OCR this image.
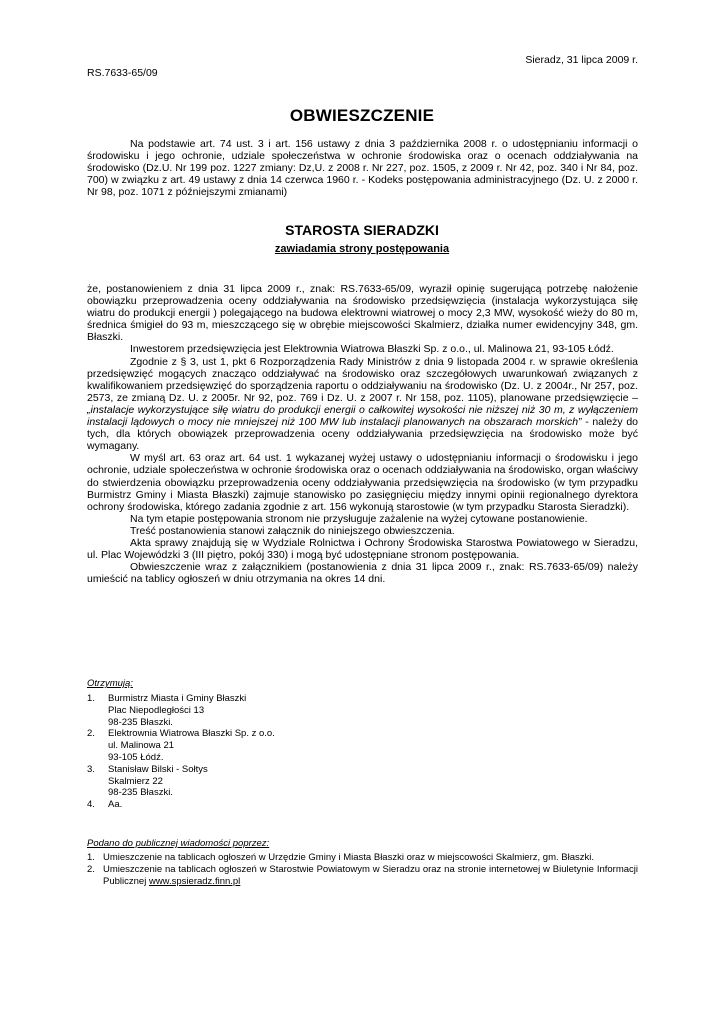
Sieradz, 31 lipca 2009 r.
RS.7633-65/09
OBWIESZCZENIE

Na podstawie art. 74 ust. 3 i art. 156 ustawy z dnia 3 października 2008 r. o udostępnianiu informacji o środowisku i jego ochronie, udziale społeczeństwa w ochronie środowiska oraz o ocenach oddziaływania na środowisko (Dz.U. Nr 199 poz. 1227 zmiany: Dz,U. z 2008 r. Nr 227, poz. 1505, z 2009 r. Nr 42, poz. 340 i Nr 84, poz. 700) w związku z art. 49 ustawy z dnia 14 czerwca 1960 r. - Kodeks postępowania administracyjnego (Dz. U. z 2000 r. Nr 98, poz. 1071 z późniejszymi zmianami)

STAROSTA SIERADZKI
zawiadamia strony postępowania

że, postanowieniem z dnia 31 lipca 2009 r., znak: RS.7633-65/09, wyraził opinię sugerującą potrzebę nałożenie obowiązku przeprowadzenia oceny oddziaływania na środowisko przedsięwzięcia (instalacja wykorzystująca siłę wiatru do produkcji energii ) polegającego na budowa elektrowni wiatrowej o mocy 2,3 MW, wysokość wieży do 80 m, średnica śmigieł do 93 m, mieszczącego się w obrębie miejscowości Skalmierz, działka numer ewidencyjny 348, gm. Błaszki.

Inwestorem przedsięwzięcia jest Elektrownia Wiatrowa Błaszki Sp. z o.o., ul. Malinowa 21, 93-105 Łódź.

Zgodnie z § 3, ust 1, pkt 6 Rozporządzenia Rady Ministrów z dnia 9 listopada 2004 r. w sprawie określenia przedsięwzięć mogących znacząco oddziaływać na środowisko oraz szczegółowych uwarunkowań związanych z kwalifikowaniem przedsięwzięć do sporządzenia raportu o oddziaływaniu na środowisko (Dz. U. z 2004r., Nr 257, poz. 2573, ze zmianą Dz. U. z 2005r. Nr 92, poz. 769 i Dz. U. z 2007 r. Nr 158, poz. 1105), planowane przedsięwzięcie – „instalacje wykorzystujące siłę wiatru do produkcji energii o całkowitej wysokości nie niższej niż 30 m, z wyłączeniem instalacji lądowych o mocy nie mniejszej niż 100 MW lub instalacji planowanych na obszarach morskich” - należy do tych, dla których obowiązek przeprowadzenia oceny oddziaływania przedsięwzięcia na środowisko może być wymagany.

W myśl art. 63 oraz art. 64 ust. 1 wykazanej wyżej ustawy o udostępnianiu informacji o środowisku i jego ochronie, udziale społeczeństwa w ochronie środowiska oraz o ocenach oddziaływania na środowisko, organ właściwy do stwierdzenia obowiązku przeprowadzenia oceny oddziaływania przedsięwzięcia na środowisko (w tym przypadku Burmistrz Gminy i Miasta Błaszki) zajmuje stanowisko po zasięgnięciu między innymi opinii regionalnego dyrektora ochrony środowiska, którego zadania zgodnie z art. 156 wykonują starostowie (w tym przypadku Starosta Sieradzki).

Na tym etapie postępowania stronom nie przysługuje zażalenie na wyżej cytowane postanowienie.

Treść postanowienia stanowi załącznik do niniejszego obwieszczenia.

Akta sprawy znajdują się w Wydziale Rolnictwa i Ochrony Środowiska Starostwa Powiatowego w Sieradzu, ul. Plac Wojewódzki 3 (III piętro, pokój 330) i mogą być udostępniane stronom postępowania.

Obwieszczenie wraz z załącznikiem (postanowienia z dnia 31 lipca 2009 r., znak: RS.7633-65/09) należy umieścić na tablicy ogłoszeń w dniu otrzymania na okres 14 dni.

Otrzymują:
1. Burmistrz Miasta i Gminy Błaszki
Plac Niepodległości 13
98-235 Błaszki.
2. Elektrownia Wiatrowa Błaszki Sp. z o.o.
ul. Malinowa 21
93-105 Łódź.
3. Stanisław Bilski - Sołtys
Skalmierz 22
98-235 Błaszki.
4. Aa.
Podano do publicznej wiadomości poprzez:
1. Umieszczenie na tablicach ogłoszeń w Urzędzie Gminy i Miasta Błaszki oraz w miejscowości Skalmierz, gm. Błaszki.
2. Umieszczenie na tablicach ogłoszeń w Starostwie Powiatowym w Sieradzu oraz na stronie internetowej w Biuletynie Informacji Publicznej www.spsieradz.finn.pl
